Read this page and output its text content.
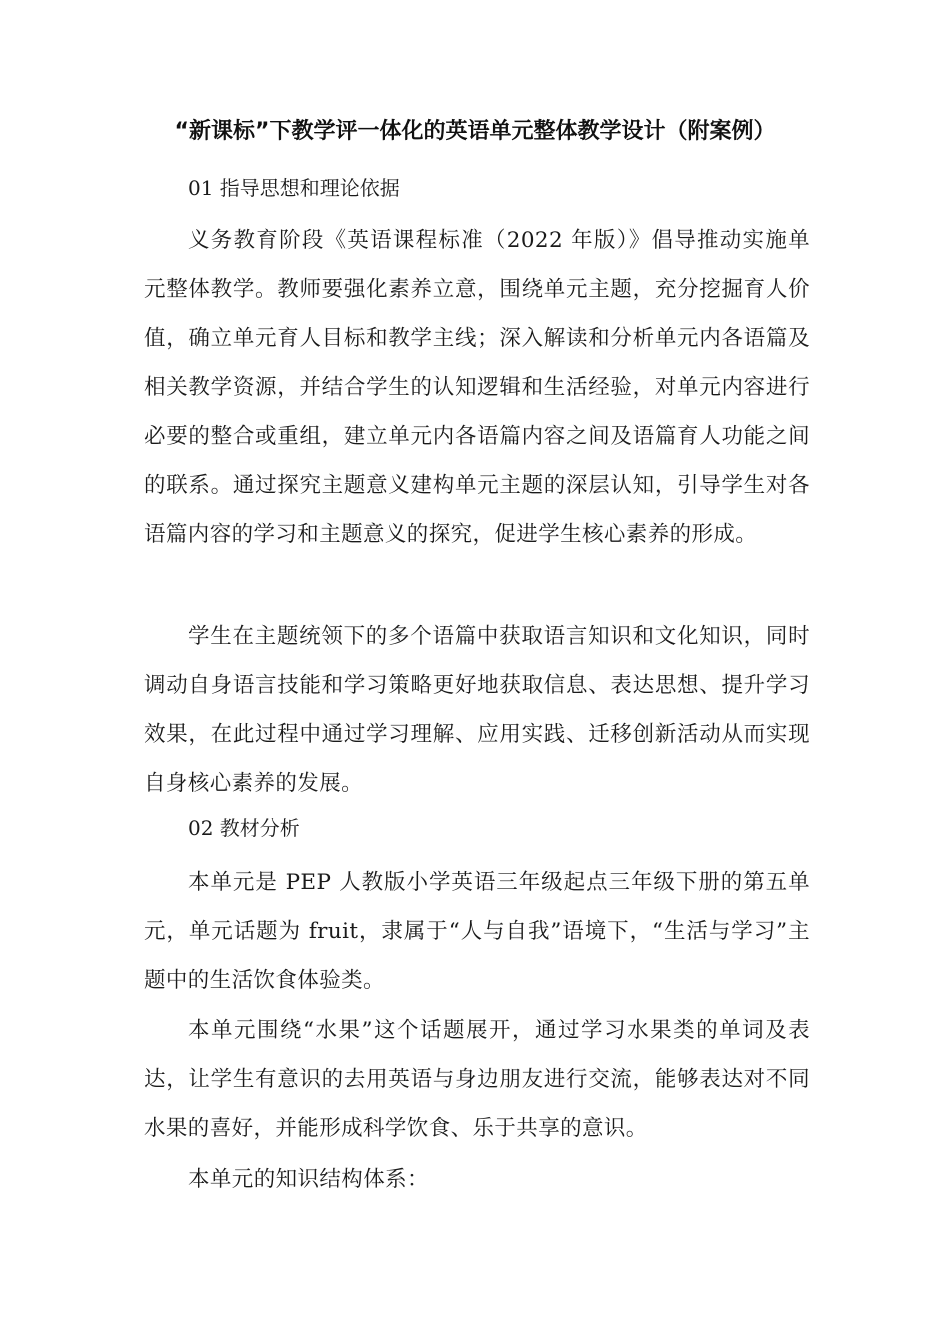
“新课标”下教学评一体化的英语单元整体教学设计（附案例）
01 指导思想和理论依据
义务教育阶段《英语课程标准（2022 年版）》倡导推动实施单元整体教学。教师要强化素养立意，围绕单元主题，充分挖掘育人价值，确立单元育人目标和教学主线；深入解读和分析单元内各语篇及相关教学资源，并结合学生的认知逻辑和生活经验，对单元内容进行必要的整合或重组，建立单元内各语篇内容之间及语篇育人功能之间的联系。通过探究主题意义建构单元主题的深层认知，引导学生对各语篇内容的学习和主题意义的探究，促进学生核心素养的形成。
学生在主题统领下的多个语篇中获取语言知识和文化知识，同时调动自身语言技能和学习策略更好地获取信息、表达思想、提升学习效果，在此过程中通过学习理解、应用实践、迁移创新活动从而实现自身核心素养的发展。
02 教材分析
本单元是 PEP 人教版小学英语三年级起点三年级下册的第五单元，单元话题为 fruit，隶属于“人与自我”语境下，“生活与学习”主题中的生活饮食体验类。
本单元围绕“水果”这个话题展开，通过学习水果类的单词及表达，让学生有意识的去用英语与身边朋友进行交流，能够表达对不同水果的喜好，并能形成科学饮食、乐于共享的意识。
本单元的知识结构体系：
